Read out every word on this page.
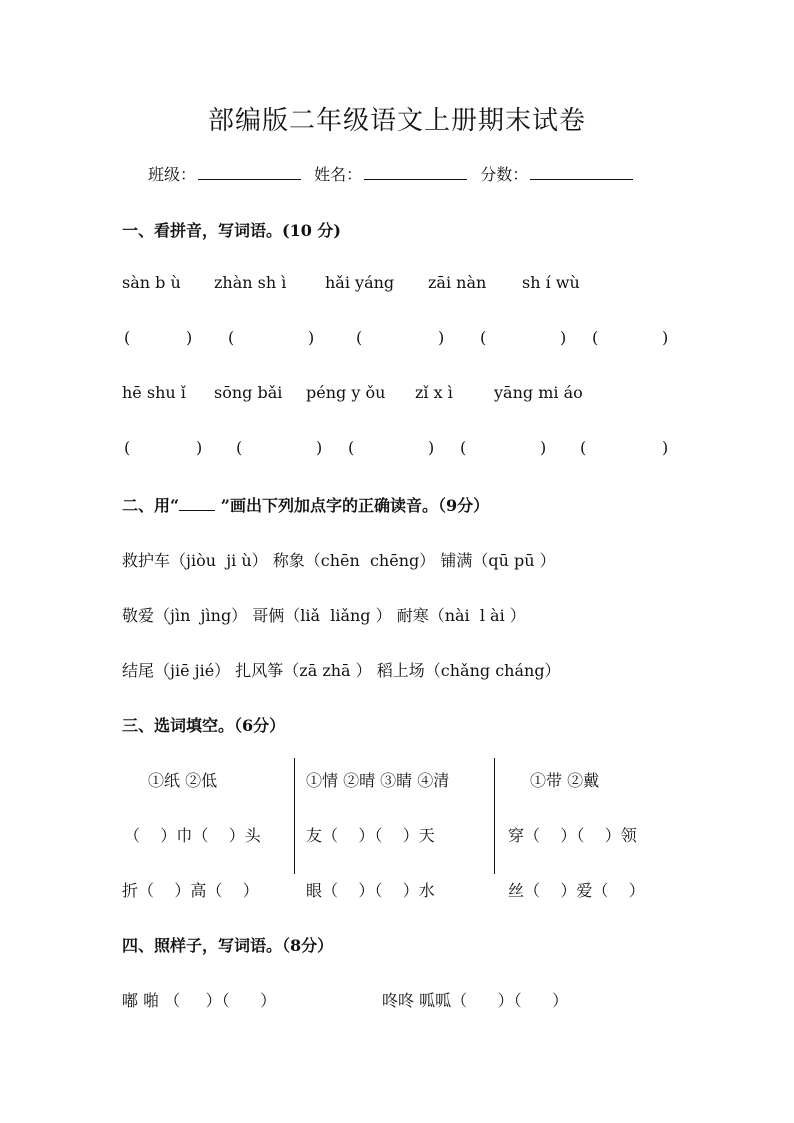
部编版二年级语文上册期末试卷
班级：	姓名：	分数：
一、看拼音，写词语。(10 分)
sàn b ù zhàn sh ì hǎi yáng zāi nàn sh í wù
(	) (	)	(	) (	) (	)
hē shu ǐ sōng bǎi péng y ǒu zǐ x ì	yāng mi áo
(	) (	) (	) (	) (	)
二、用“ ”画出下列加点字的正确读音。（9分）
救护车（jiòu  ji ù） 称象（chēn  chēng） 铺满（qū pū ）
敬爱（jìn  jìng） 哥俩（liǎ  liǎng ） 耐寒（nài  l ài ）
结尾（jiē jié） 扎风筝（zā zhā ） 稻上场（chǎng cháng）
三、选词填空。（6分）
①纸 ②低	①情 ②晴 ③睛 ④清	①带 ②戴
（    ）巾（    ）头	友（    ）（    ）天	穿（    ）（    ）领
折（    ）高（    ）	眼（    ）（    ）水	丝（    ）爱（    ）
四、照样子，写词语。（8分）
嘟 啪 （     ）（      ）	咚咚 呱呱（      ）（      ）
